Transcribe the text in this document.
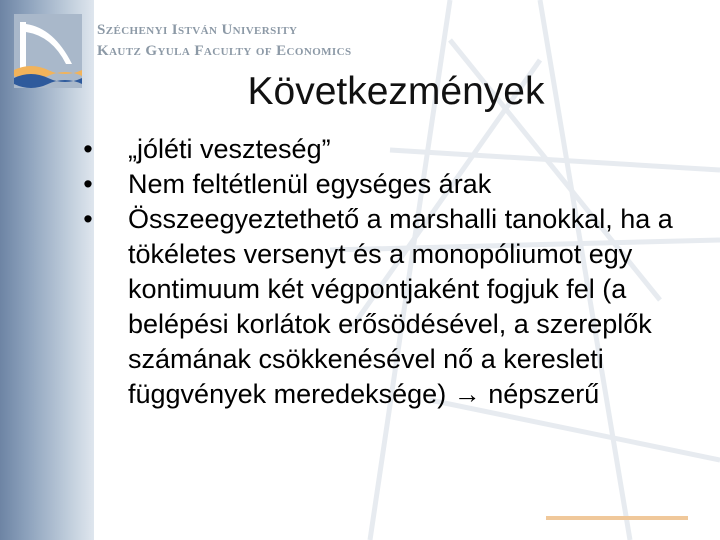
Széchenyi István University
Kautz Gyula Faculty of Economics
Következmények
• „jóléti veszteség”
• Nem feltétlenül egységes árak
• Összeegyeztethető a marshalli tanokkal, ha a tökéletes versenyt és a monopóliumot egy kontimuum két végpontjaként fogjuk fel (a belépési korlátok erősödésével, a szereplők számának csökkenésével nő a keresleti függvények meredeksége) → népszerű
